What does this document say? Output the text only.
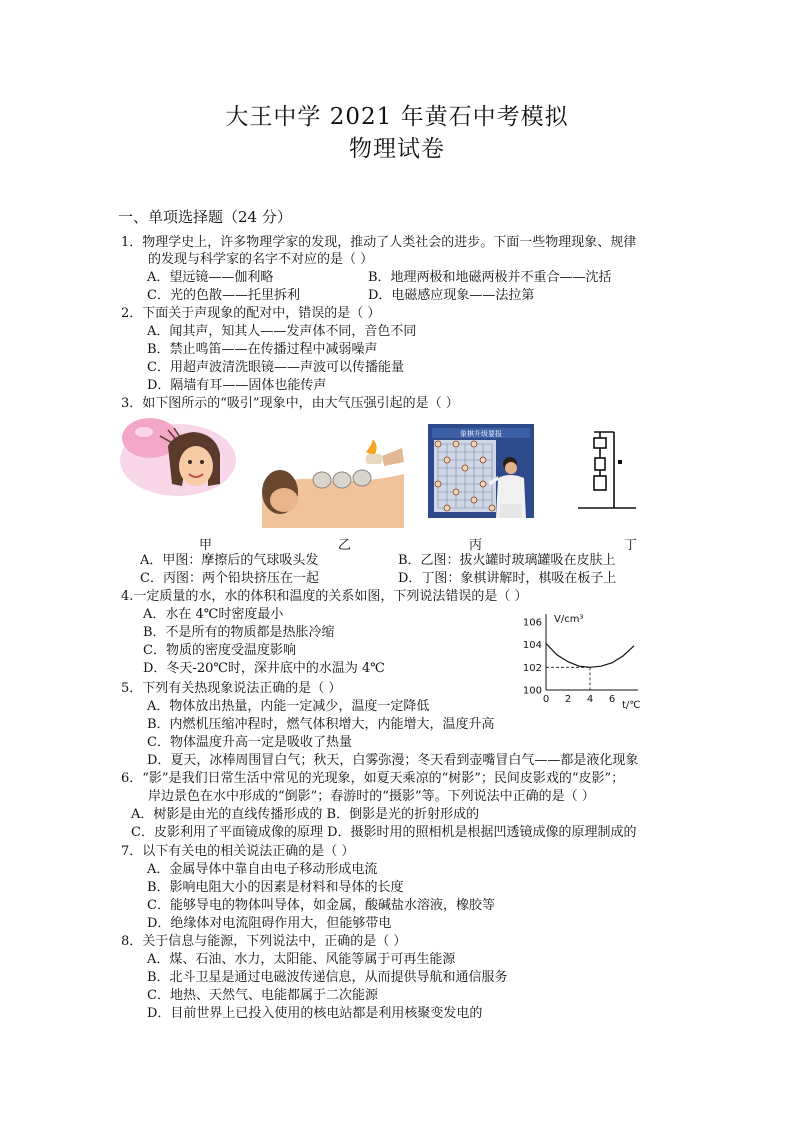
大王中学 2021 年黄石中考模拟
物理试卷
一、单项选择题（24 分）
1．物理学史上，许多物理学家的发现，推动了人类社会的进步。下面一些物理现象、规律
的发现与科学家的名字不对应的是（ ）
A．望远镜——伽利略	B．地理两极和地磁两极并不重合——沈括
C．光的色散——托里拆利	D．电磁感应现象——法拉第
2．下面关于声现象的配对中，错误的是（ ）
A．闻其声，知其人——发声体不同，音色不同
B．禁止鸣笛——在传播过程中减弱噪声
C．用超声波清洗眼镜——声波可以传播能量
D．隔墙有耳——固体也能传声
3．如下图所示的“吸引”现象中，由大气压强引起的是（ ）
象棋升级要报
甲	乙	丙	丁
A．甲图：摩擦后的气球吸头发	B．乙图：拔火罐时玻璃罐吸在皮肤上
C．丙图：两个铅块挤压在一起	D．丁图：象棋讲解时，棋吸在板子上
4.一定质量的水，水的体积和温度的关系如图，下列说法错误的是（ ）
A．水在 4℃时密度最小
B．不是所有的物质都是热胀冷缩
C．物质的密度受温度影响
D．冬天-20℃时，深井底中的水温为 4℃
V/cm³
t/℃
0 2 4 6
100
102
104
106
5．下列有关热现象说法正确的是（ ）
A．物体放出热量，内能一定减少，温度一定降低
B．内燃机压缩冲程时，燃气体积增大，内能增大，温度升高
C．物体温度升高一定是吸收了热量
D．夏天，冰棒周围冒白气；秋天，白雾弥漫；冬天看到壶嘴冒白气——都是液化现象
6．“影”是我们日常生活中常见的光现象，如夏天乘凉的“树影”；民间皮影戏的“皮影”；
岸边景色在水中形成的“倒影”；春游时的“摄影”等。下列说法中正确的是（ ）
A．树影是由光的直线传播形成的 B．倒影是光的折射形成的
C．皮影利用了平面镜成像的原理 D．摄影时用的照相机是根据凹透镜成像的原理制成的
7．以下有关电的相关说法正确的是（ ）
A．金属导体中靠自由电子移动形成电流
B．影响电阻大小的因素是材料和导体的长度
C．能够导电的物体叫导体，如金属，酸碱盐水溶液，橡胶等
D．绝缘体对电流阻碍作用大，但能够带电
8．关于信息与能源，下列说法中，正确的是（ ）
A．煤、石油、水力，太阳能、风能等属于可再生能源
B．北斗卫星是通过电磁波传递信息，从而提供导航和通信服务
C．地热、天然气、电能都属于二次能源
D．目前世界上已投入使用的核电站都是利用核聚变发电的
